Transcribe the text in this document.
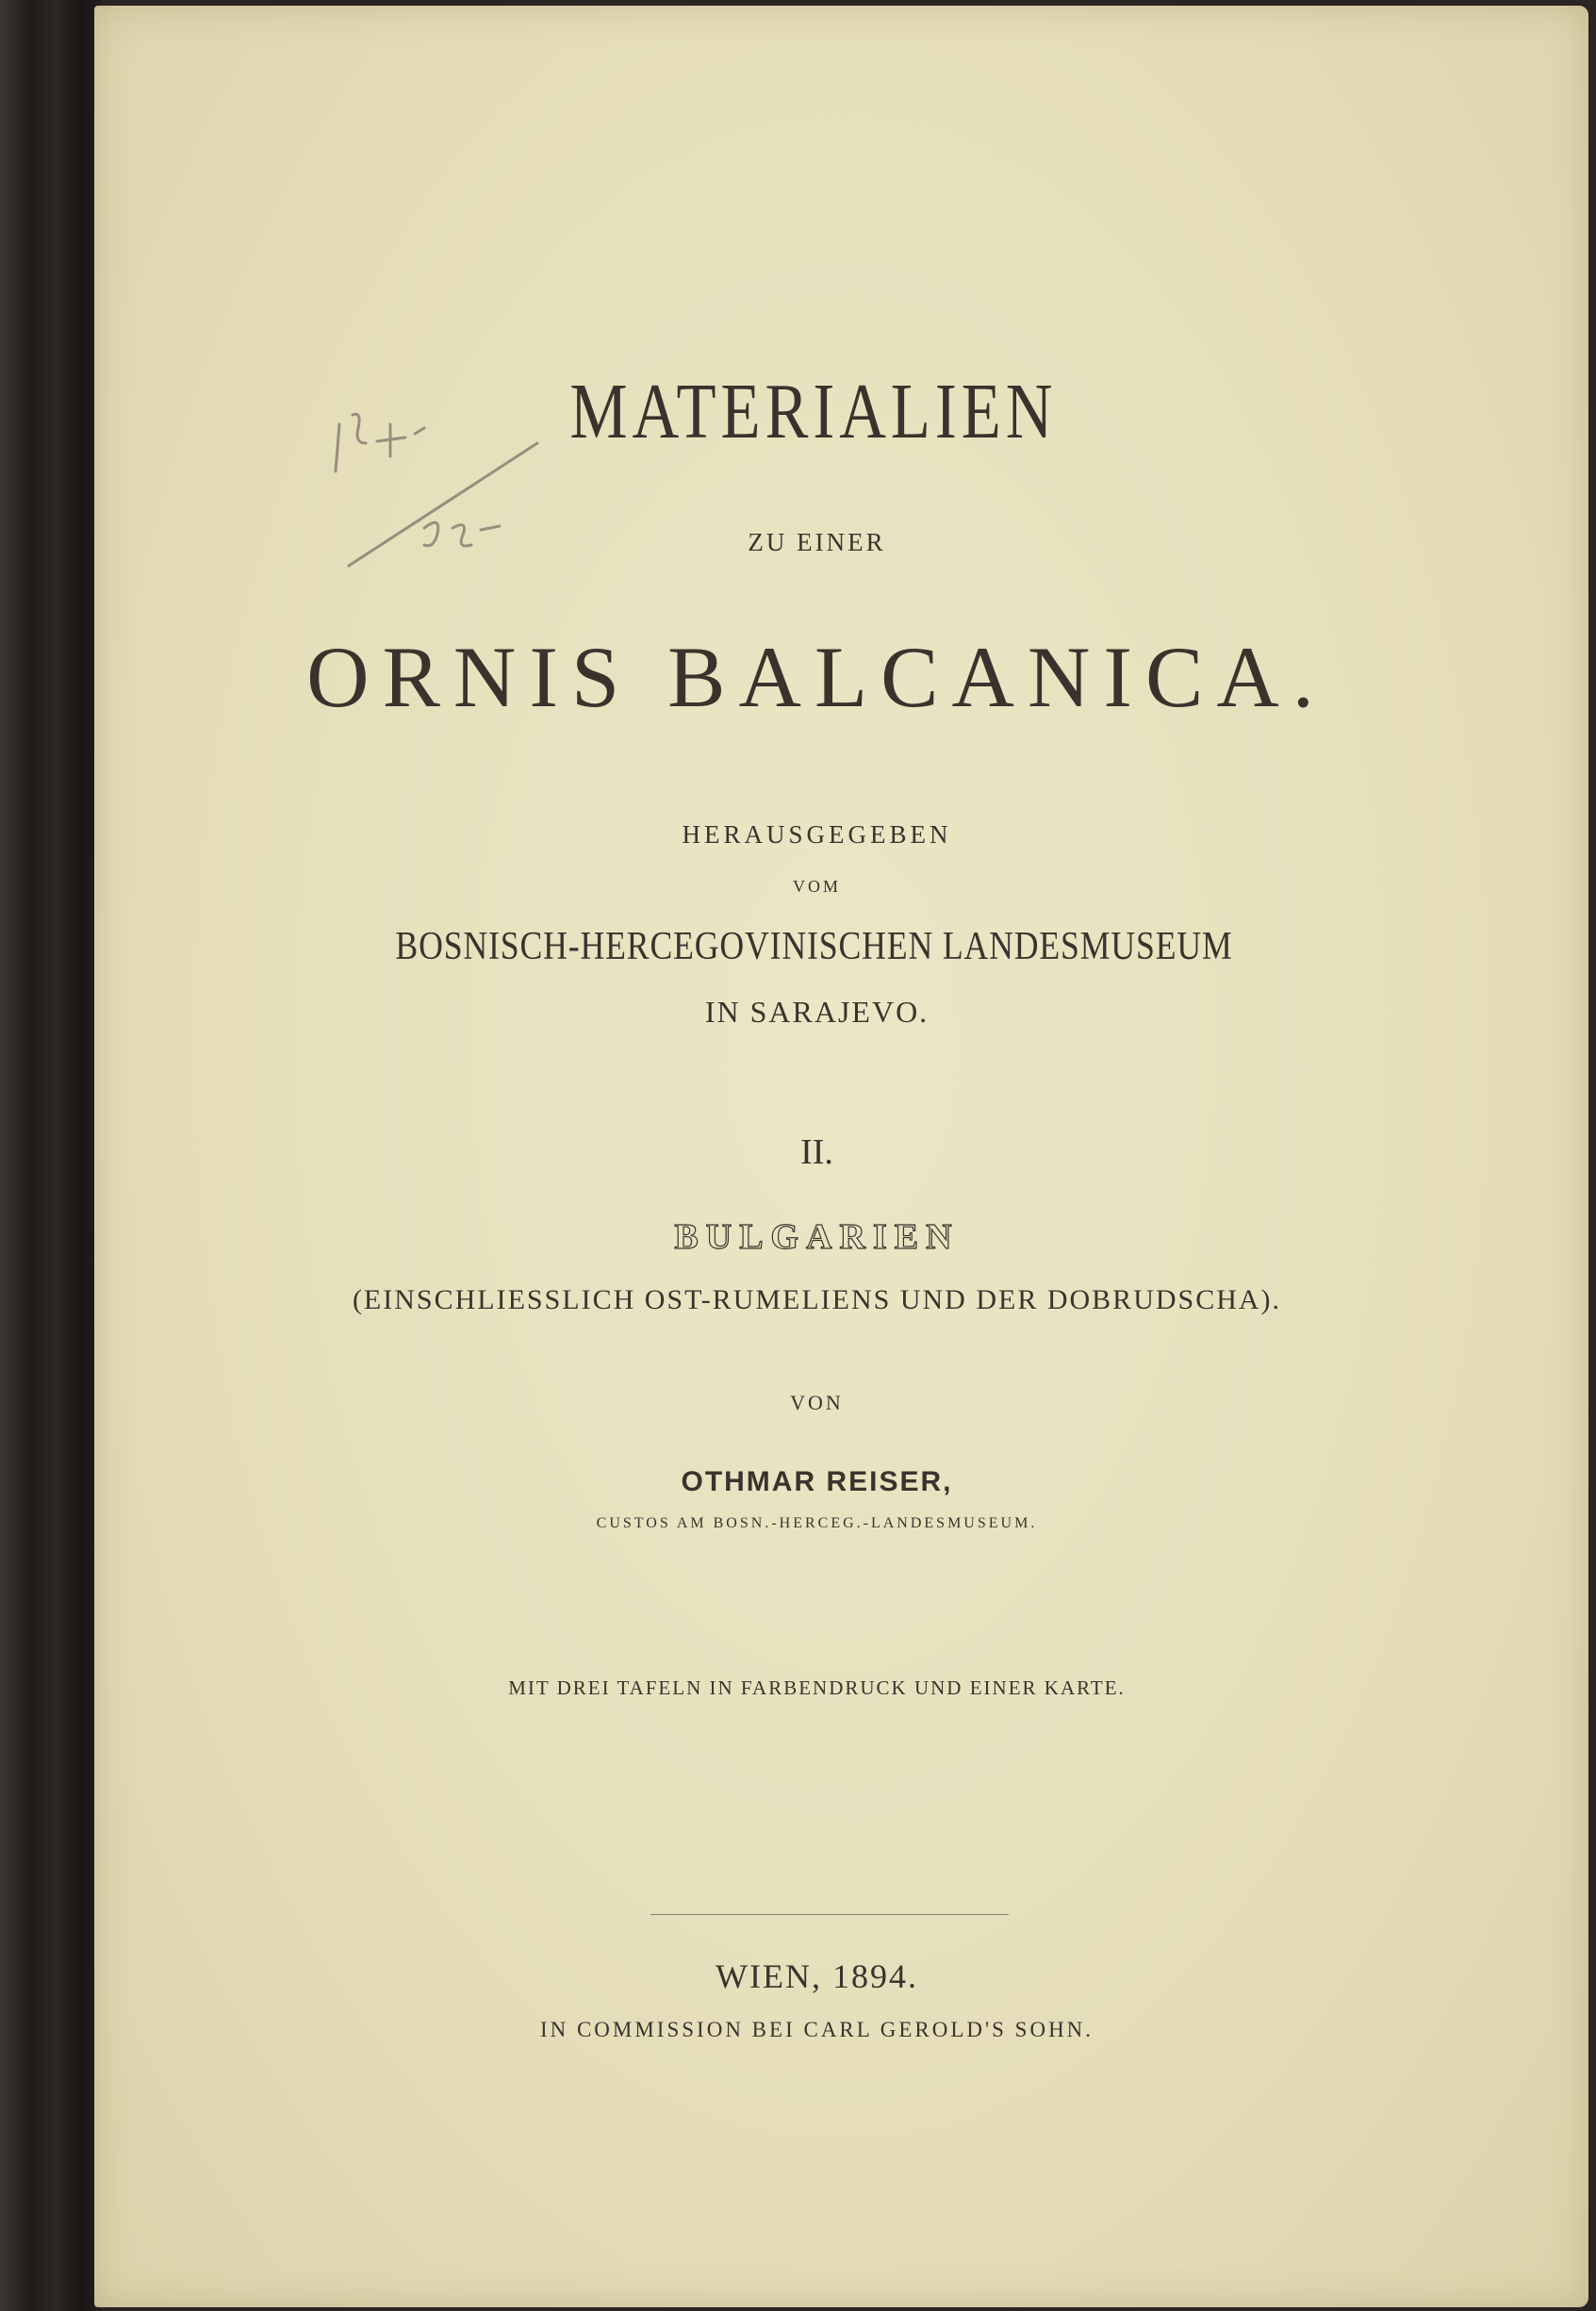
MATERIALIEN
ZU EINER
ORNIS BALCANICA.
HERAUSGEGEBEN
VOM
BOSNISCH-HERCEGOVINISCHEN LANDESMUSEUM
IN SARAJEVO.
II.
BULGARIEN
(EINSCHLIESSLICH OST-RUMELIENS UND DER DOBRUDSCHA).
VON
OTHMAR REISER,
CUSTOS AM BOSN.-HERCEG.-LANDESMUSEUM.
MIT DREI TAFELN IN FARBENDRUCK UND EINER KARTE.
WIEN, 1894.
IN COMMISSION BEI CARL GEROLD'S SOHN.
